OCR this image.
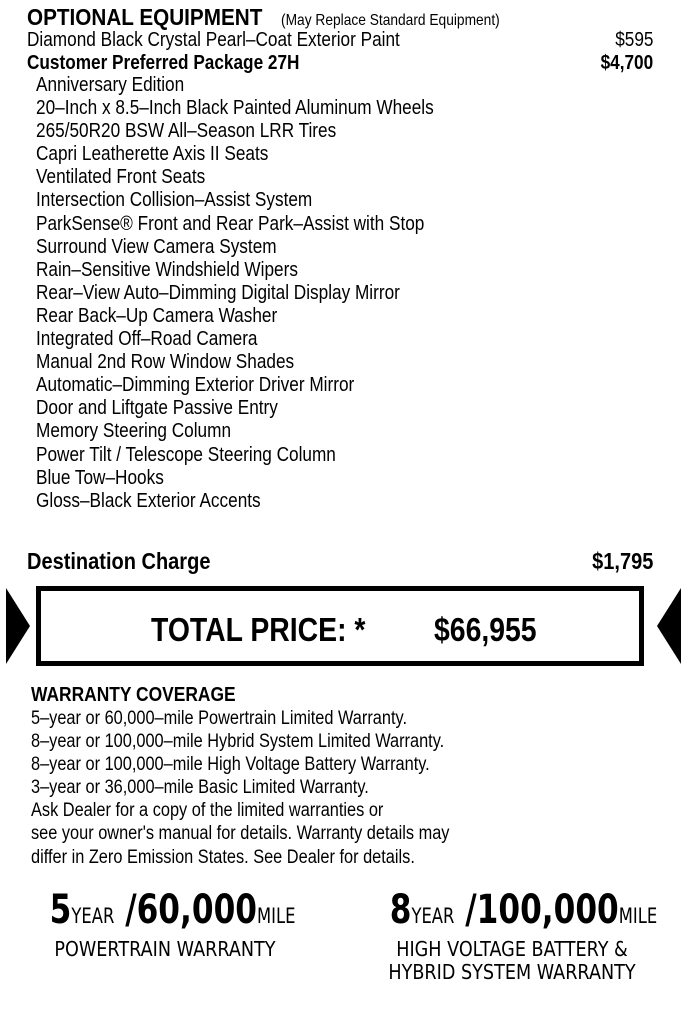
OPTIONAL EQUIPMENT (May Replace Standard Equipment)
Diamond Black Crystal Pearl–Coat Exterior Paint	$595
Customer Preferred Package 27H	$4,700
Anniversary Edition
20–Inch x 8.5–Inch Black Painted Aluminum Wheels
265/50R20 BSW All–Season LRR Tires
Capri Leatherette Axis II Seats
Ventilated Front Seats
Intersection Collision–Assist System
ParkSense® Front and Rear Park–Assist with Stop
Surround View Camera System
Rain–Sensitive Windshield Wipers
Rear–View Auto–Dimming Digital Display Mirror
Rear Back–Up Camera Washer
Integrated Off–Road Camera
Manual 2nd Row Window Shades
Automatic–Dimming Exterior Driver Mirror
Door and Liftgate Passive Entry
Memory Steering Column
Power Tilt / Telescope Steering Column
Blue Tow–Hooks
Gloss–Black Exterior Accents
Destination Charge	$1,795
TOTAL PRICE: * $66,955
WARRANTY COVERAGE
5–year or 60,000–mile Powertrain Limited Warranty.
8–year or 100,000–mile Hybrid System Limited Warranty.
8–year or 100,000–mile High Voltage Battery Warranty.
3–year or 36,000–mile Basic Limited Warranty.
Ask Dealer for a copy of the limited warranties or
see your owner's manual for details. Warranty details may
differ in Zero Emission States. See Dealer for details.
5YEAR /60,000MILE
POWERTRAIN WARRANTY
8YEAR /100,000MILE
HIGH VOLTAGE BATTERY &
HYBRID SYSTEM WARRANTY
